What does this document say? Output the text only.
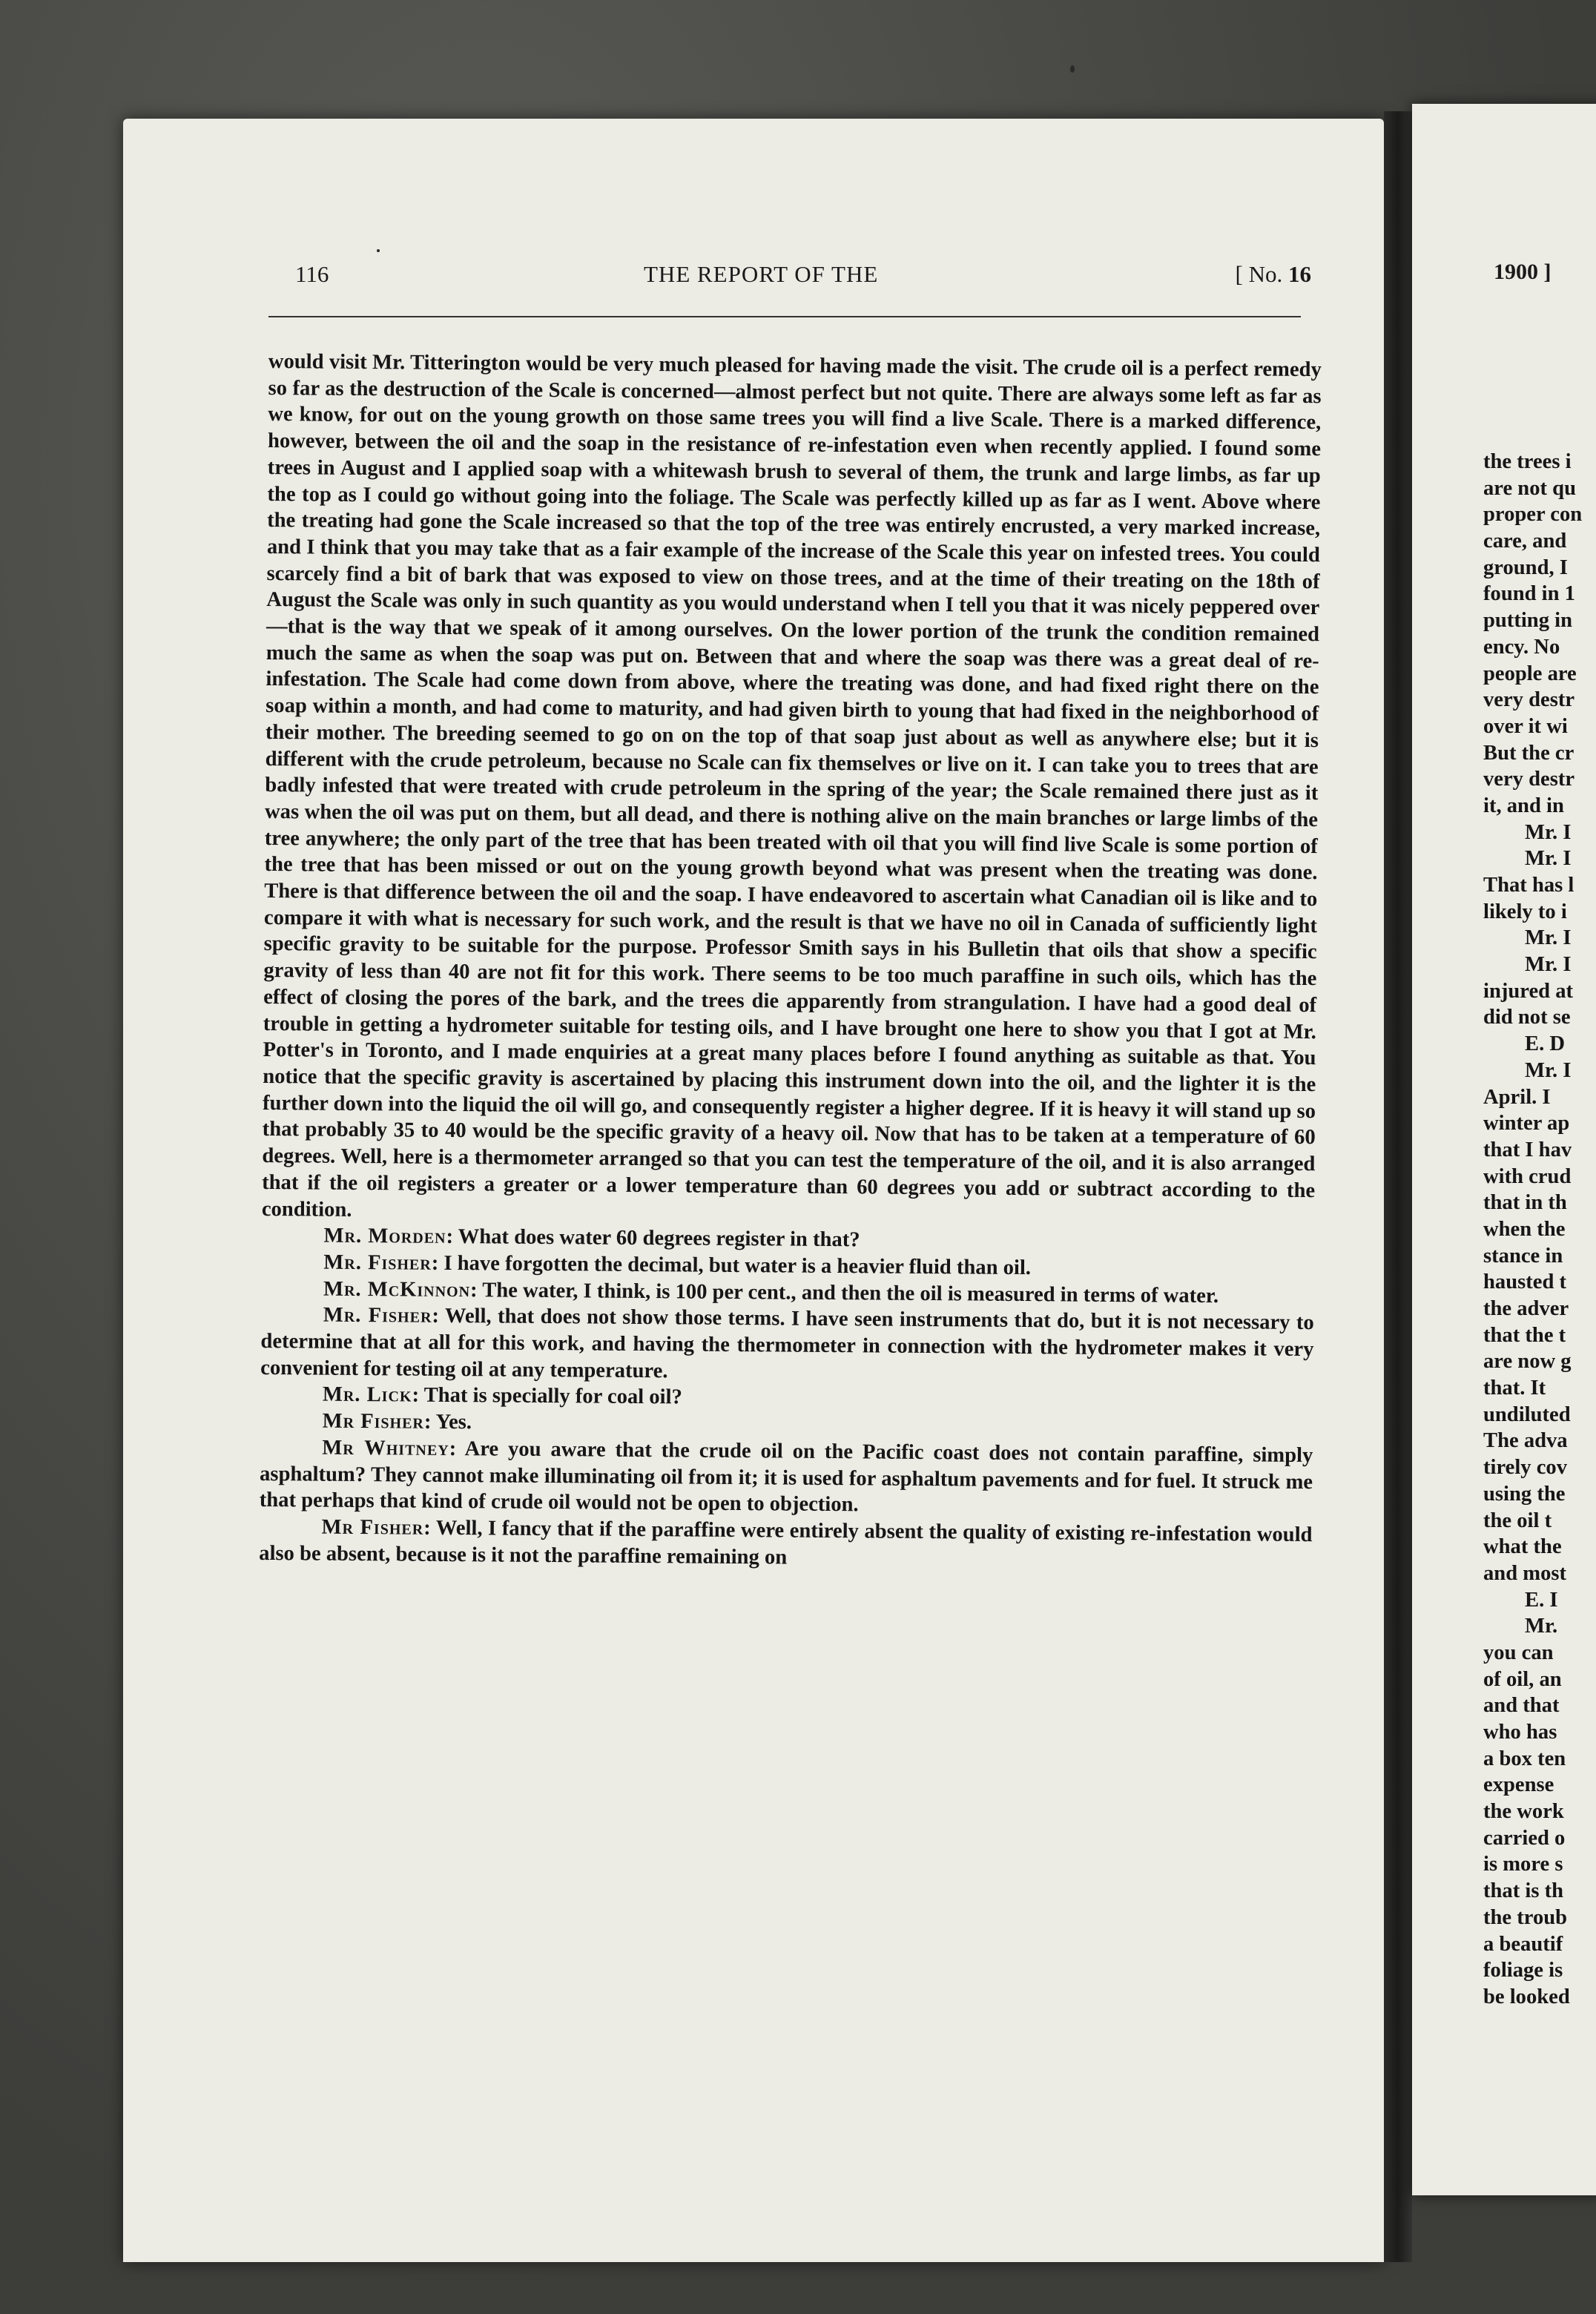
1900 ]
the trees i
are not qu
proper con
care, and
ground, I
found in 1
putting in
ency. No
people are
very destr
over it wi
But the cr
very destr
it, and in
Mr. I
Mr. I
That has l
likely to i
Mr. I
Mr. I
injured at
did not se
E. D
Mr. I
April. I
winter ap
that I hav
with crud
that in th
when the
stance in
hausted t
the adver
that the t
are now g
that. It
undiluted
The adva
tirely cov
using the
the oil t
what the
and most
E. I
Mr.
you can
of oil, an
and that
who has
a box ten
expense
the work
carried o
is more s
that is th
the troub
a beautif
foliage is
be looked
116	THE REPORT OF THE	[ No. 16

would visit Mr. Titterington would be very much pleased for having made the visit. The crude oil is a perfect remedy so far as the destruction of the Scale is concerned—almost perfect but not quite. There are always some left as far as we know, for out on the young growth on those same trees you will find a live Scale. There is a marked difference, however, between the oil and the soap in the resistance of re-infestation even when recently applied. I found some trees in August and I applied soap with a whitewash brush to several of them, the trunk and large limbs, as far up the top as I could go without going into the foliage. The Scale was perfectly killed up as far as I went. Above where the treating had gone the Scale increased so that the top of the tree was entirely encrusted, a very marked increase, and I think that you may take that as a fair example of the increase of the Scale this year on infested trees. You could scarcely find a bit of bark that was exposed to view on those trees, and at the time of their treating on the 18th of August the Scale was only in such quantity as you would understand when I tell you that it was nicely peppered over—that is the way that we speak of it among ourselves. On the lower portion of the trunk the condition remained much the same as when the soap was put on. Between that and where the soap was there was a great deal of re-infestation. The Scale had come down from above, where the treating was done, and had fixed right there on the soap within a month, and had come to maturity, and had given birth to young that had fixed in the neighborhood of their mother. The breeding seemed to go on on the top of that soap just about as well as anywhere else; but it is different with the crude petroleum, because no Scale can fix themselves or live on it. I can take you to trees that are badly infested that were treated with crude petroleum in the spring of the year; the Scale remained there just as it was when the oil was put on them, but all dead, and there is nothing alive on the main branches or large limbs of the tree anywhere; the only part of the tree that has been treated with oil that you will find live Scale is some portion of the tree that has been missed or out on the young growth beyond what was present when the treating was done. There is that difference between the oil and the soap. I have endeavored to ascertain what Canadian oil is like and to compare it with what is necessary for such work, and the result is that we have no oil in Canada of sufficiently light specific gravity to be suitable for the purpose. Professor Smith says in his Bulletin that oils that show a specific gravity of less than 40 are not fit for this work. There seems to be too much paraffine in such oils, which has the effect of closing the pores of the bark, and the trees die apparently from strangulation. I have had a good deal of trouble in getting a hydrometer suitable for testing oils, and I have brought one here to show you that I got at Mr. Potter's in Toronto, and I made enquiries at a great many places before I found anything as suitable as that. You notice that the specific gravity is ascertained by placing this instrument down into the oil, and the lighter it is the further down into the liquid the oil will go, and consequently register a higher degree. If it is heavy it will stand up so that probably 35 to 40 would be the specific gravity of a heavy oil. Now that has to be taken at a temperature of 60 degrees. Well, here is a thermometer arranged so that you can test the temperature of the oil, and it is also arranged that if the oil registers a greater or a lower temperature than 60 degrees you add or subtract according to the condition.

Mr. Morden: What does water 60 degrees register in that?

Mr. Fisher: I have forgotten the decimal, but water is a heavier fluid than oil.

Mr. McKinnon: The water, I think, is 100 per cent., and then the oil is measured in terms of water.

Mr. Fisher: Well, that does not show those terms. I have seen instruments that do, but it is not necessary to determine that at all for this work, and having the thermometer in connection with the hydrometer makes it very convenient for testing oil at any temperature.

Mr. Lick: That is specially for coal oil?

Mr Fisher: Yes.

Mr Whitney: Are you aware that the crude oil on the Pacific coast does not contain paraffine, simply asphaltum? They cannot make illuminating oil from it; it is used for asphaltum pavements and for fuel. It struck me that perhaps that kind of crude oil would not be open to objection.

Mr Fisher: Well, I fancy that if the paraffine were entirely absent the quality of existing re-infestation would also be absent, because is it not the paraffine remaining on
